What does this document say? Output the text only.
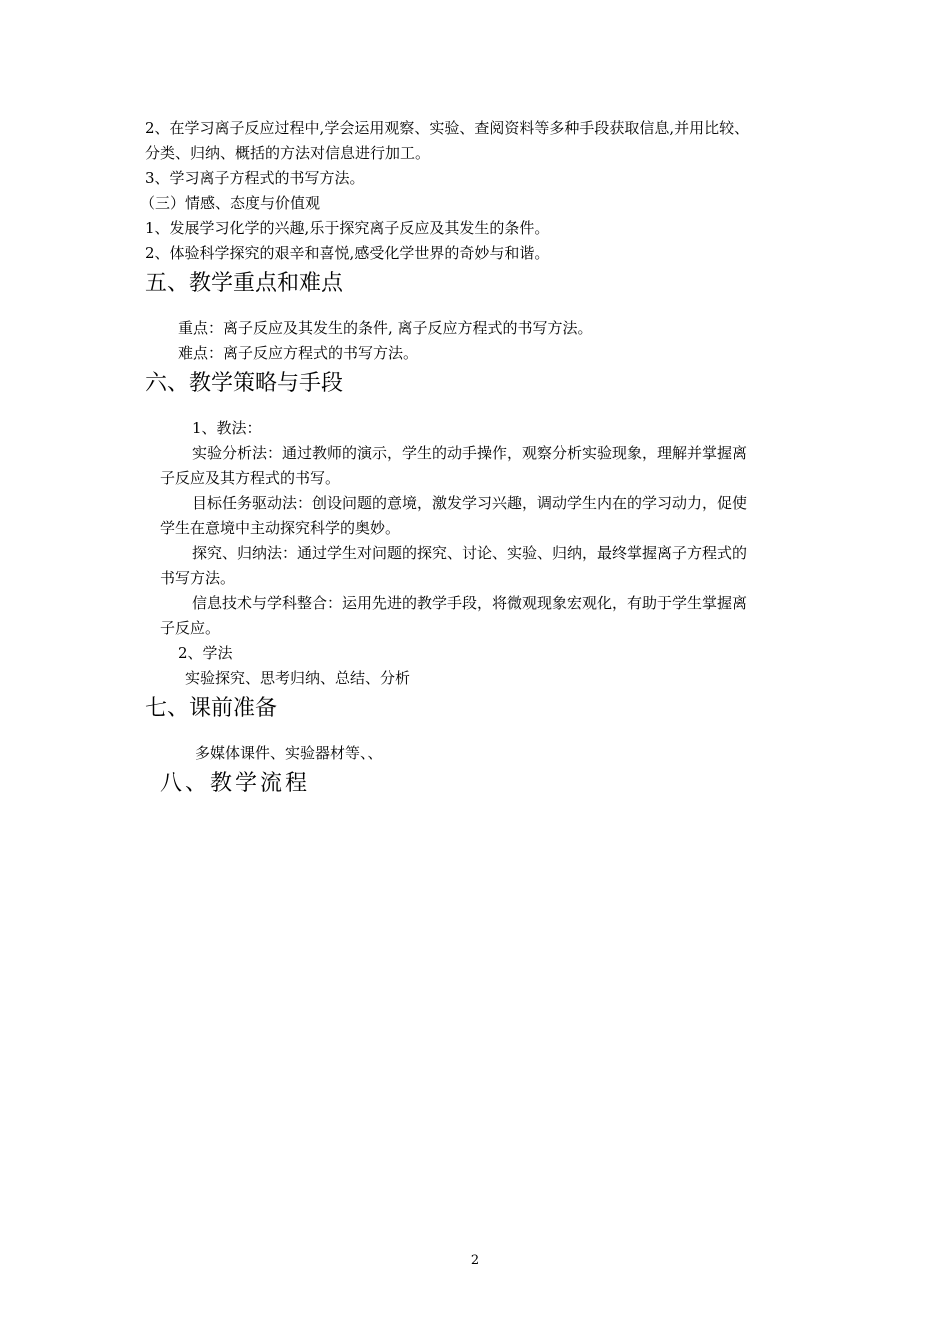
2、在学习离子反应过程中,学会运用观察、实验、查阅资料等多种手段获取信息,并用比较、
分类、归纳、概括的方法对信息进行加工。
3、学习离子方程式的书写方法。
（三）情感、态度与价值观
1、发展学习化学的兴趣,乐于探究离子反应及其发生的条件。
2、体验科学探究的艰辛和喜悦,感受化学世界的奇妙与和谐。
五、教学重点和难点
重点：离子反应及其发生的条件, 离子反应方程式的书写方法。
难点：离子反应方程式的书写方法。
六、教学策略与手段
1、教法：
实验分析法：通过教师的演示，学生的动手操作，观察分析实验现象，理解并掌握离
子反应及其方程式的书写。
目标任务驱动法：创设问题的意境，激发学习兴趣，调动学生内在的学习动力，促使
学生在意境中主动探究科学的奥妙。
探究、归纳法：通过学生对问题的探究、讨论、实验、归纳，最终掌握离子方程式的
书写方法。
信息技术与学科整合：运用先进的教学手段，将微观现象宏观化，有助于学生掌握离
子反应。
2、学法
实验探究、思考归纳、总结、分析
七、课前准备
多媒体课件、实验器材等、、
八、教学流程
2
